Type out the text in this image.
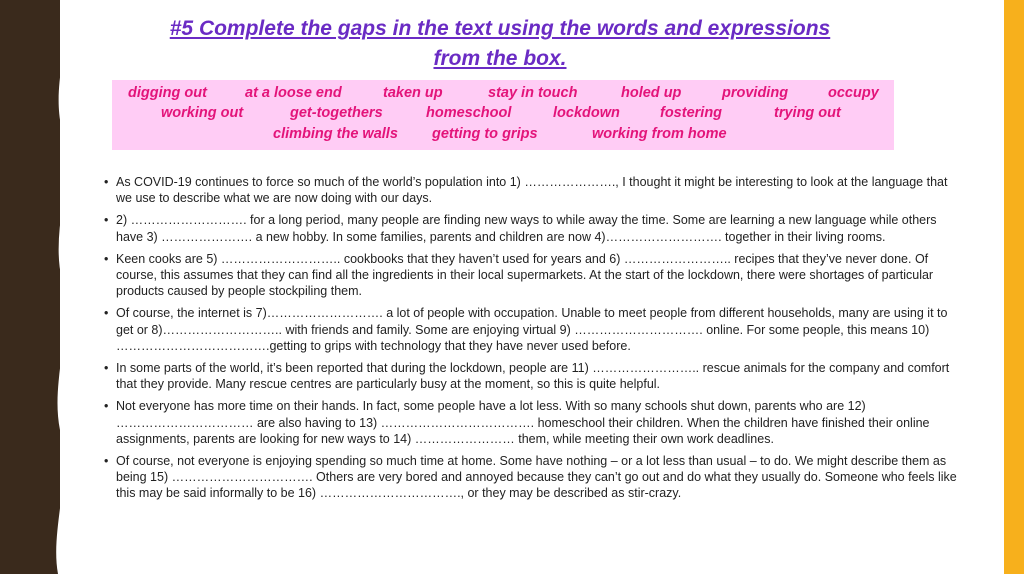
#5 Complete the gaps in the text using the words and expressions
from the box.
digging out	at a loose end	taken up	stay in touch	holed up	providing	occupy
working out	get-togethers	homeschool	lockdown	fostering	trying out
climbing the walls getting to grips	working from home
• As COVID-19 continues to force so much of the world’s population into 1) …………………., I thought it might be interesting to look at the language that we use to describe what we are now doing with our days.
• 2) ………………………. for a long period, many people are finding new ways to while away the time. Some are learning a new language while others have 3) …………………. a new hobby. In some families, parents and children are now 4)………………………. together in their living rooms.
• Keen cooks are 5) ……………………….. cookbooks that they haven’t used for years and 6) …………………….. recipes that they’ve never done. Of course, this assumes that they can find all the ingredients in their local supermarkets. At the start of the lockdown, there were shortages of particular products caused by people stockpiling them.
• Of course, the internet is 7)………………………. a lot of people with occupation. Unable to meet people from different households, many are using it to get or 8)……………………….. with friends and family. Some are enjoying virtual 9) …………………………. online. For some people, this means 10) ……………………………….getting to grips with technology that they have never used before.
• In some parts of the world, it’s been reported that during the lockdown, people are 11) …………………….. rescue animals for the company and comfort that they provide. Many rescue centres are particularly busy at the moment, so this is quite helpful.
• Not everyone has more time on their hands. In fact, some people have a lot less. With so many schools shut down, parents who are 12) …………………………… are also having to 13) ………………………………. homeschool their children. When the children have finished their online assignments, parents are looking for new ways to 14) …………………… them, while meeting their own work deadlines.
• Of course, not everyone is enjoying spending so much time at home. Some have nothing – or a lot less than usual – to do. We might describe them as being 15) ……………………………. Others are very bored and annoyed because they can’t go out and do what they usually do. Someone who feels like this may be said informally to be 16) ……………………………., or they may be described as stir-crazy.
